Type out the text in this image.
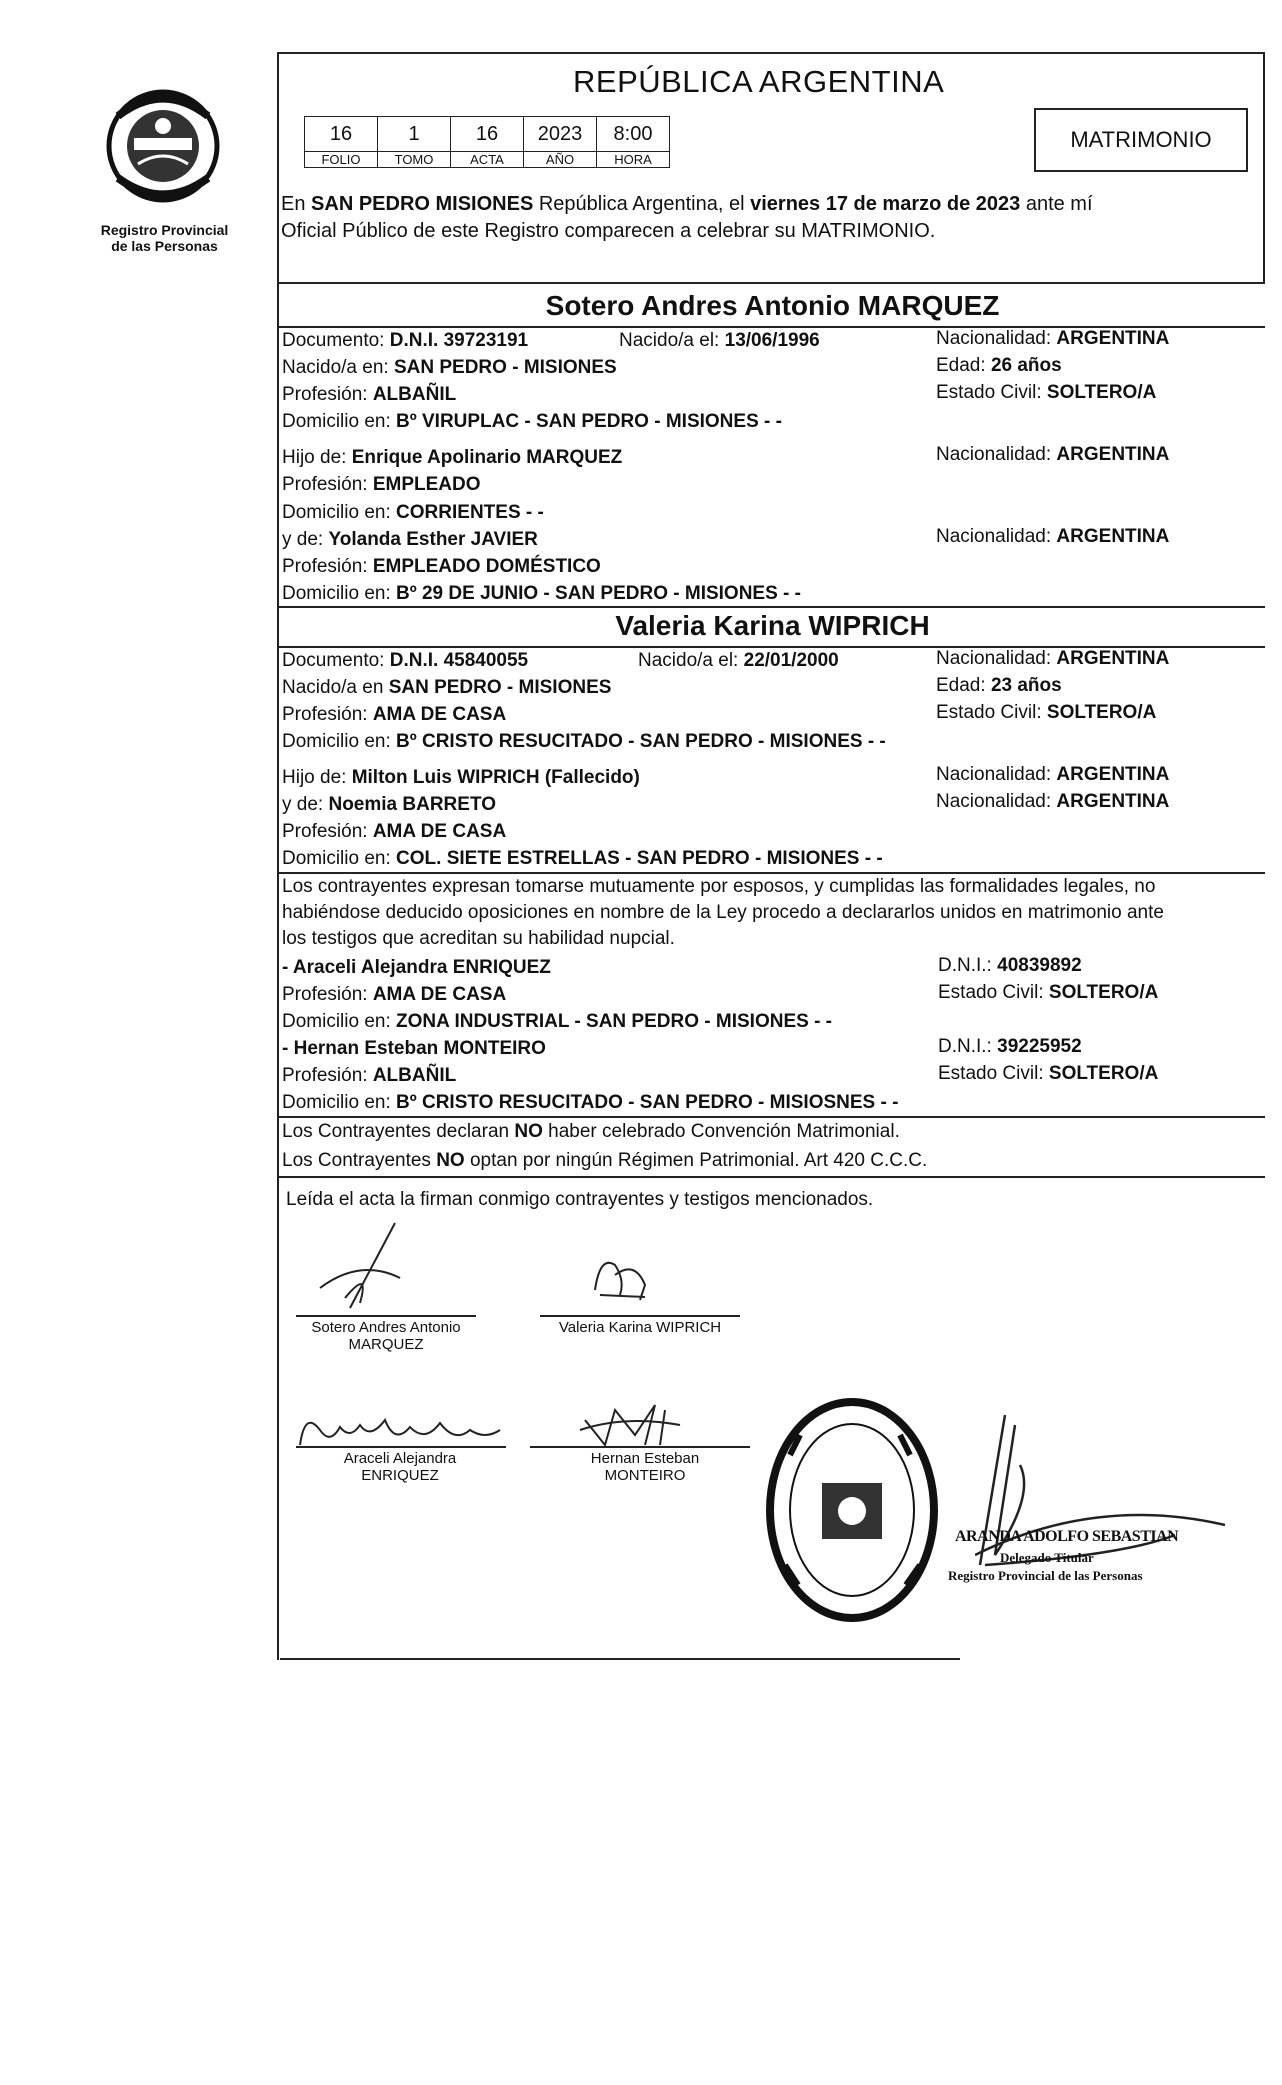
Registro Provincial
de las Personas
REPÚBLICA ARGENTINA
16	1	16	2023	8:00
FOLIO	TOMO	ACTA	AÑO	HORA
MATRIMONIO
En SAN PEDRO MISIONES República Argentina, el viernes 17 de marzo de 2023 ante mí
Oficial Público de este Registro comparecen a celebrar su MATRIMONIO.
Sotero Andres Antonio MARQUEZ
Documento: D.N.I. 39723191	Nacido/a el: 13/06/1996	Nacionalidad: ARGENTINA
Nacido/a en: SAN PEDRO - MISIONES	Edad: 26 años
Profesión: ALBAÑIL	Estado Civil: SOLTERO/A
Domicilio en: Bº VIRUPLAC - SAN PEDRO - MISIONES - -
Hijo de: Enrique Apolinario MARQUEZ	Nacionalidad: ARGENTINA
Profesión: EMPLEADO
Domicilio en: CORRIENTES - -
y de: Yolanda Esther JAVIER	Nacionalidad: ARGENTINA
Profesión: EMPLEADO DOMÉSTICO
Domicilio en: Bº 29 DE JUNIO - SAN PEDRO - MISIONES - -
Valeria Karina WIPRICH
Documento: D.N.I. 45840055	Nacido/a el: 22/01/2000	Nacionalidad: ARGENTINA
Nacido/a en SAN PEDRO - MISIONES	Edad: 23 años
Profesión: AMA DE CASA	Estado Civil: SOLTERO/A
Domicilio en: Bº CRISTO RESUCITADO - SAN PEDRO - MISIONES - -
Hijo de: Milton Luis WIPRICH (Fallecido)	Nacionalidad: ARGENTINA
y de: Noemia BARRETO	Nacionalidad: ARGENTINA
Profesión: AMA DE CASA
Domicilio en: COL. SIETE ESTRELLAS - SAN PEDRO - MISIONES - -
Los contrayentes expresan tomarse mutuamente por esposos, y cumplidas las formalidades legales, no
habiéndose deducido oposiciones en nombre de la Ley procedo a declararlos unidos en matrimonio ante
los testigos que acreditan su habilidad nupcial.
- Araceli Alejandra ENRIQUEZ	D.N.I.: 40839892
Profesión: AMA DE CASA	Estado Civil: SOLTERO/A
Domicilio en: ZONA INDUSTRIAL - SAN PEDRO - MISIONES - -
- Hernan Esteban MONTEIRO	D.N.I.: 39225952
Profesión: ALBAÑIL	Estado Civil: SOLTERO/A
Domicilio en: Bº CRISTO RESUCITADO - SAN PEDRO - MISIOSNES - -
Los Contrayentes declaran NO haber celebrado Convención Matrimonial.
Los Contrayentes NO optan por ningún Régimen Patrimonial. Art 420 C.C.C.
Leída el acta la firman conmigo contrayentes y testigos mencionados.
Sotero Andres Antonio
MARQUEZ
Valeria Karina WIPRICH
Araceli Alejandra
ENRIQUEZ
Hernan Esteban
MONTEIRO
ARANDA ADOLFO SEBASTIAN
Delegado Titular
Registro Provincial de las Personas
